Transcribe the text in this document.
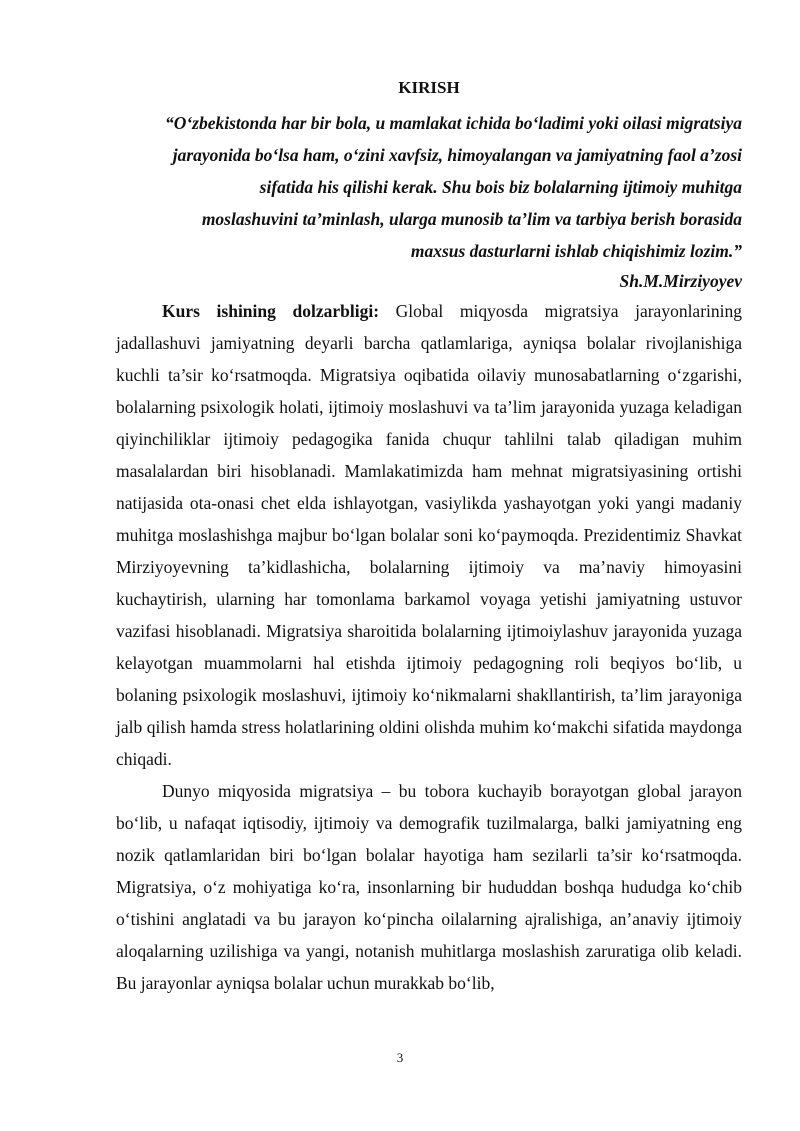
KIRISH
“O‘zbekistonda har bir bola, u mamlakat ichida bo‘ladimi yoki oilasi migratsiya
jarayonida bo‘lsa ham, o‘zini xavfsiz, himoyalangan va jamiyatning faol a’zosi
sifatida his qilishi kerak. Shu bois biz bolalarning ijtimoiy muhitga
moslashuvini ta’minlash, ularga munosib ta’lim va tarbiya berish borasida
maxsus dasturlarni ishlab chiqishimiz lozim.”
Sh.M.Mirziyoyev

Kurs ishining dolzarbligi: Global miqyosda migratsiya jarayonlarining jadallashuvi jamiyatning deyarli barcha qatlamlariga, ayniqsa bolalar rivojlanishiga kuchli ta’sir ko‘rsatmoqda. Migratsiya oqibatida oilaviy munosabatlarning o‘zgarishi, bolalarning psixologik holati, ijtimoiy moslashuvi va ta’lim jarayonida yuzaga keladigan qiyinchiliklar ijtimoiy pedagogika fanida chuqur tahlilni talab qiladigan muhim masalalardan biri hisoblanadi. Mamlakatimizda ham mehnat migratsiyasining ortishi natijasida ota-onasi chet elda ishlayotgan, vasiylikda yashayotgan yoki yangi madaniy muhitga moslashishga majbur bo‘lgan bolalar soni ko‘paymoqda. Prezidentimiz Shavkat Mirziyoyevning ta’kidlashicha, bolalarning ijtimoiy va ma’naviy himoyasini kuchaytirish, ularning har tomonlama barkamol voyaga yetishi jamiyatning ustuvor vazifasi hisoblanadi. Migratsiya sharoitida bolalarning ijtimoiylashuv jarayonida yuzaga kelayotgan muammolarni hal etishda ijtimoiy pedagogning roli beqiyos bo‘lib, u bolaning psixologik moslashuvi, ijtimoiy ko‘nikmalarni shakllantirish, ta’lim jarayoniga jalb qilish hamda stress holatlarining oldini olishda muhim ko‘makchi sifatida maydonga chiqadi.

Dunyo miqyosida migratsiya – bu tobora kuchayib borayotgan global jarayon bo‘lib, u nafaqat iqtisodiy, ijtimoiy va demografik tuzilmalarga, balki jamiyatning eng nozik qatlamlaridan biri bo‘lgan bolalar hayotiga ham sezilarli ta’sir ko‘rsatmoqda. Migratsiya, o‘z mohiyatiga ko‘ra, insonlarning bir hududdan boshqa hududga ko‘chib o‘tishini anglatadi va bu jarayon ko‘pincha oilalarning ajralishiga, an’anaviy ijtimoiy aloqalarning uzilishiga va yangi, notanish muhitlarga moslashish zaruratiga olib keladi. Bu jarayonlar ayniqsa bolalar uchun murakkab bo‘lib,

3
